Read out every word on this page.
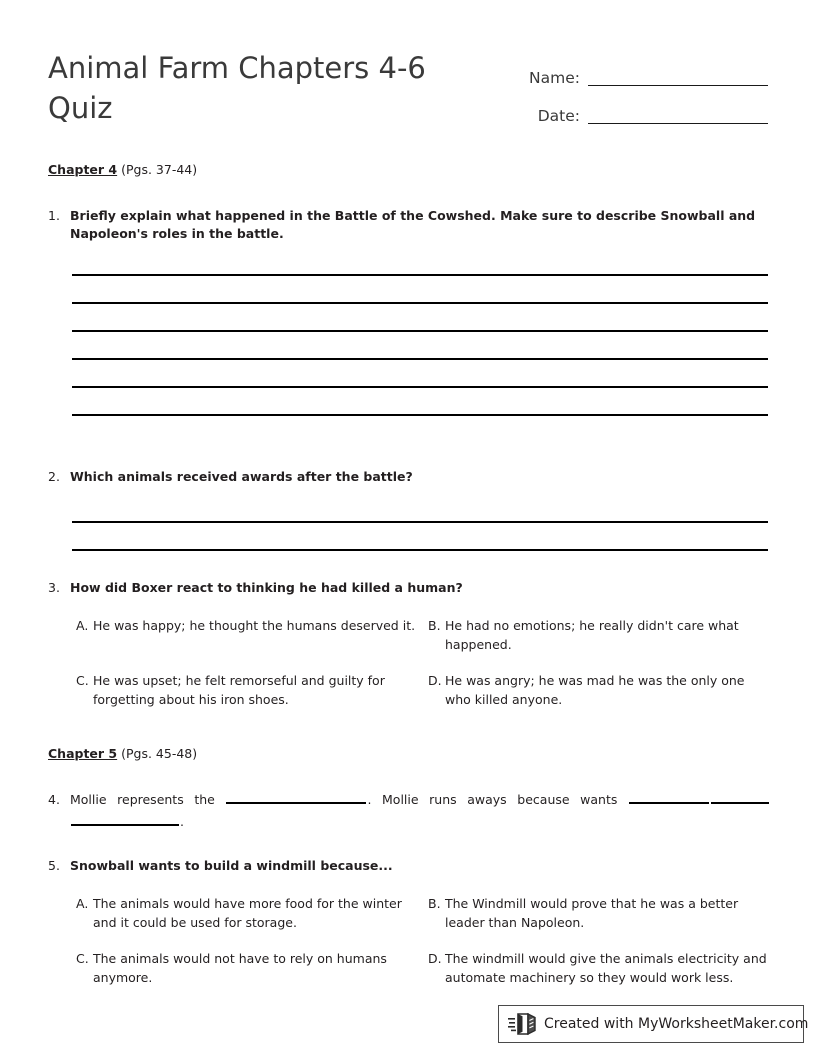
Animal Farm Chapters 4-6 Quiz
Name:
Date:
Chapter 4 (Pgs. 37-44)
1. Briefly explain what happened in the Battle of the Cowshed. Make sure to describe Snowball and Napoleon's roles in the battle.
2. Which animals received awards after the battle?
3. How did Boxer react to thinking he had killed a human?
A. He was happy; he thought the humans deserved it.	B. He had no emotions; he really didn't care what happened.
C. He was upset; he felt remorseful and guilty for forgetting about his iron shoes.
D. He was angry; he was mad he was the only one who killed anyone.
Chapter 5 (Pgs. 45-48)
4. Mollie represents the	. Mollie runs aways because wants .
5. Snowball wants to build a windmill because...
A. The animals would have more food for the winter and it could be used for storage.
B. The Windmill would prove that he was a better leader than Napoleon.
C. The animals would not have to rely on humans anymore.
D. The windmill would give the animals electricity and automate machinery so they would work less.
Created with MyWorksheetMaker.com
